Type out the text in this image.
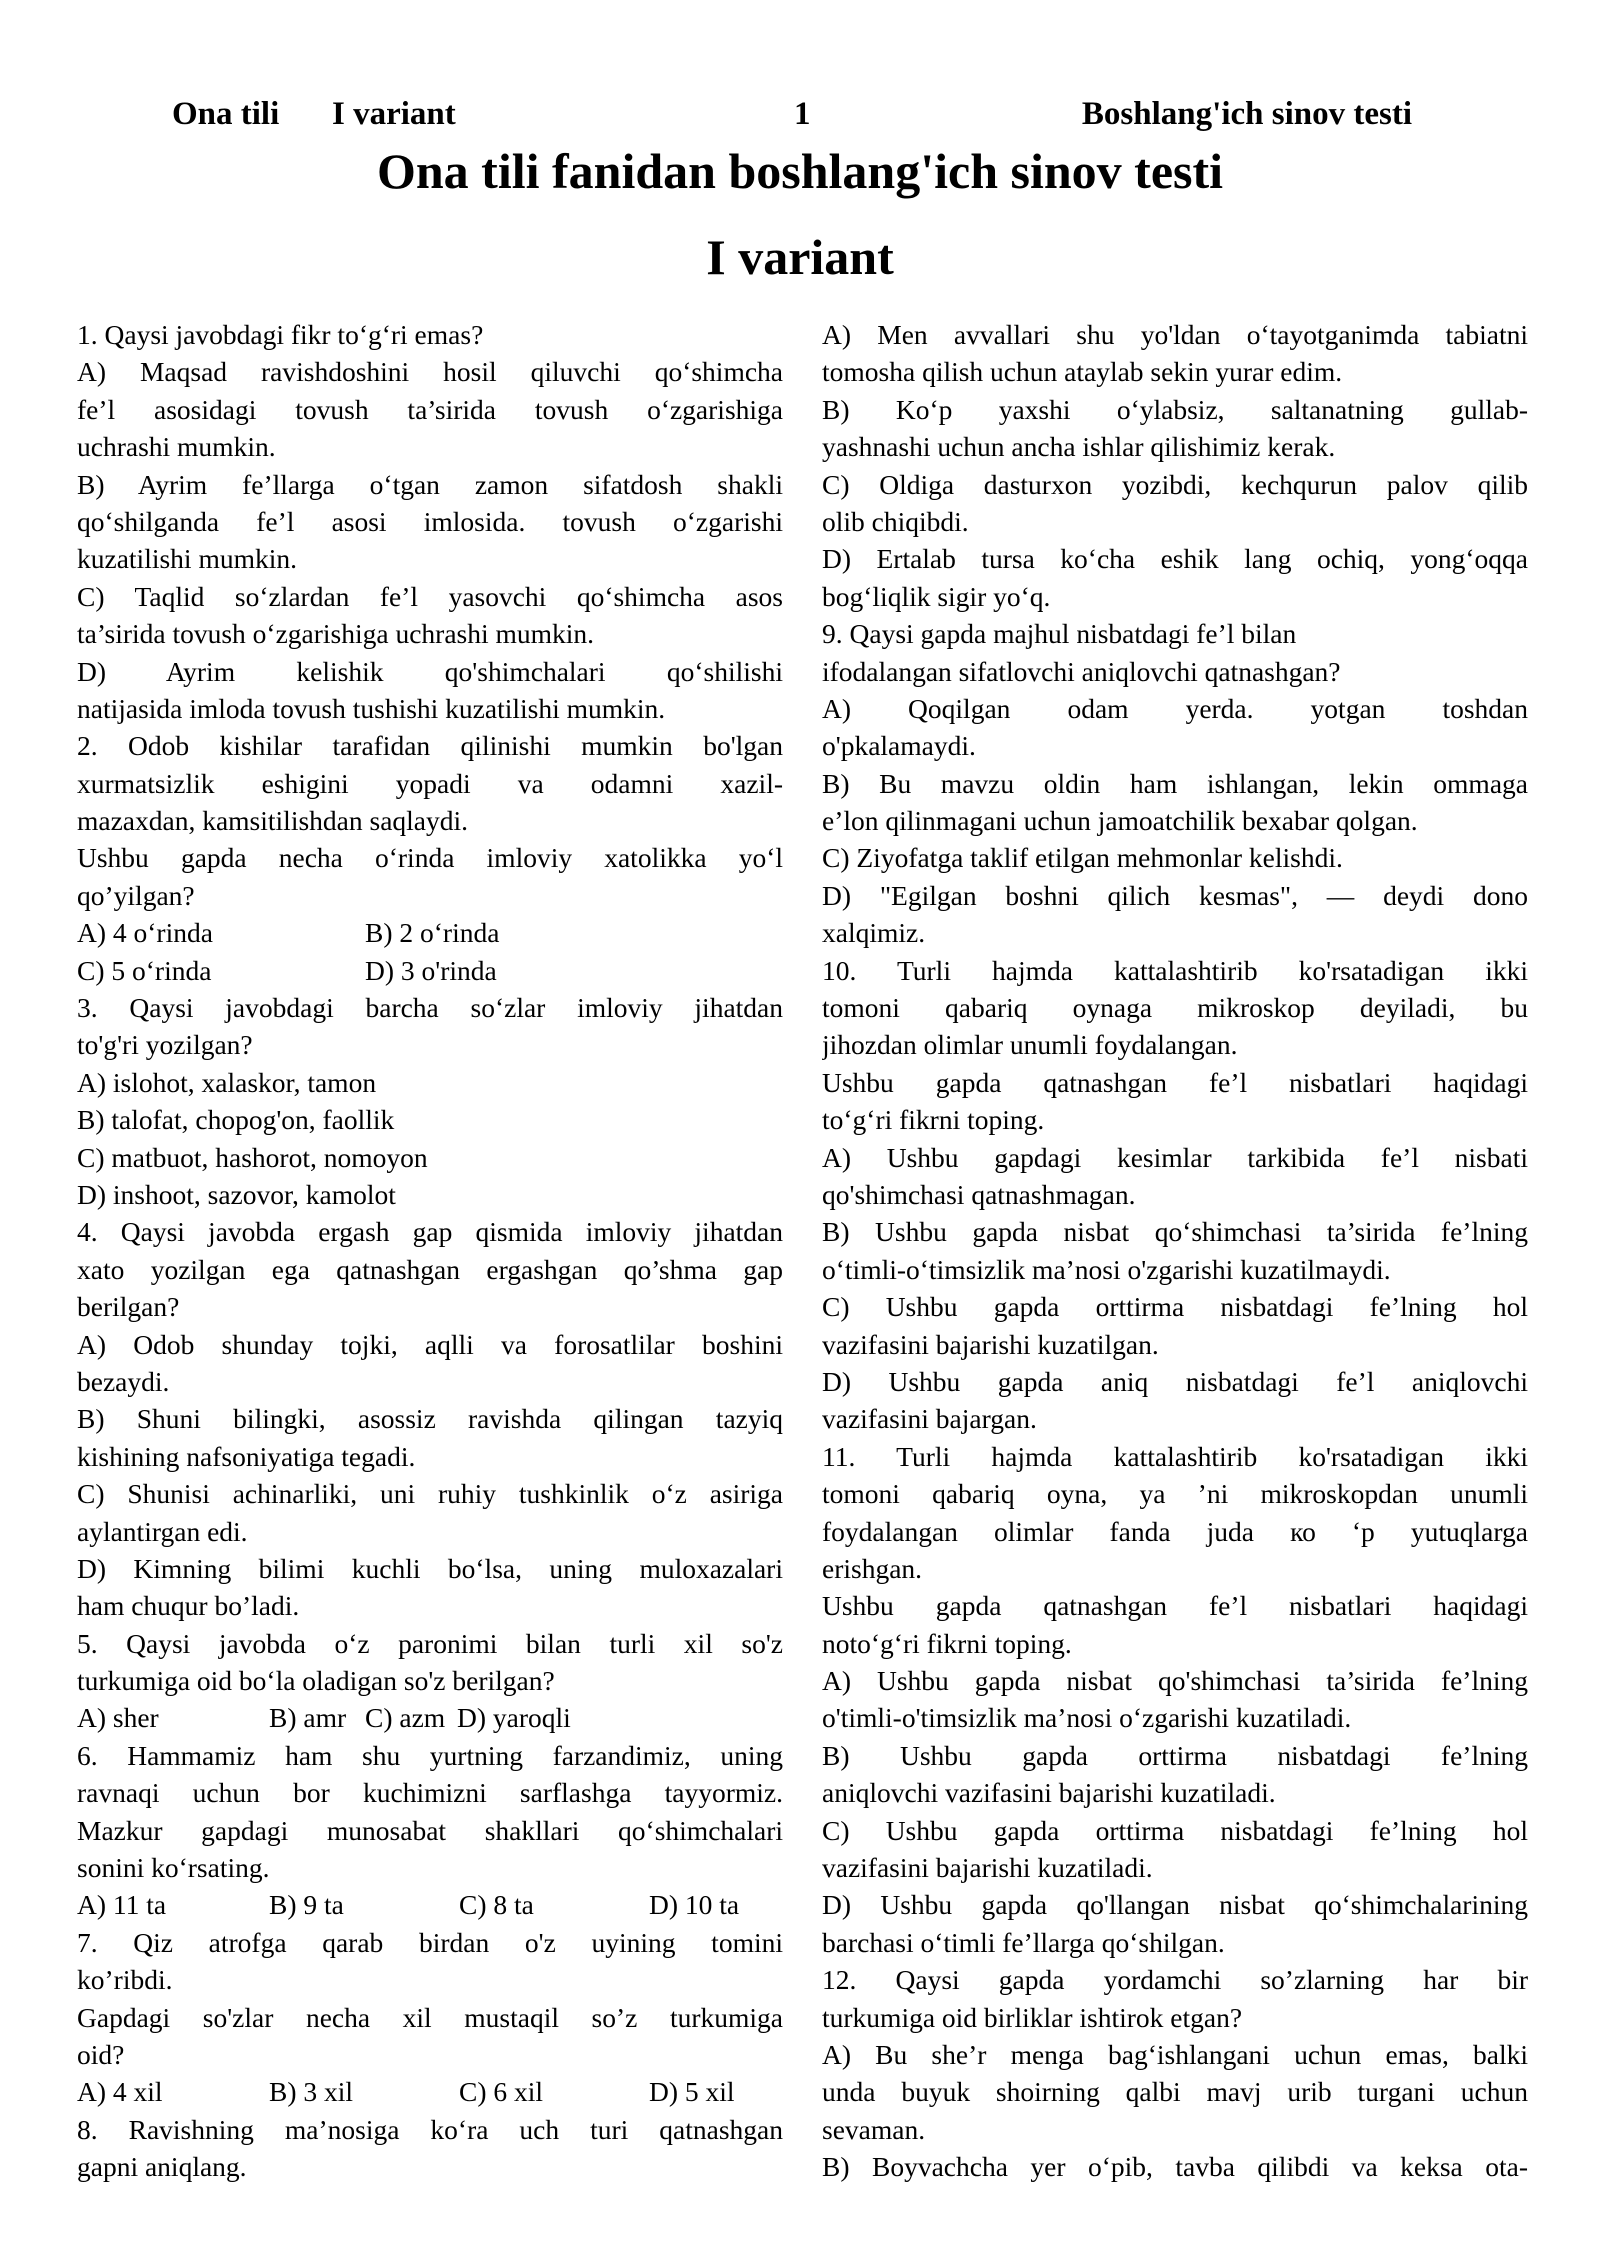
Ona tili I variant	1	Boshlang'ich sinov testi
Ona tili fanidan boshlang'ich sinov testi
I variant
1. Qaysi javobdagi fikr to‘g‘ri emas?
A) Maqsad ravishdoshini hosil qiluvchi qo‘shimcha
fe’l asosidagi tovush ta’sirida tovush o‘zgarishiga
uchrashi mumkin.
B) Ayrim fe’llarga o‘tgan zamon sifatdosh shakli
qo‘shilganda fe’l asosi imlosida. tovush o‘zgarishi
kuzatilishi mumkin.
C) Taqlid so‘zlardan fe’l yasovchi qo‘shimcha asos
ta’sirida tovush o‘zgarishiga uchrashi mumkin.
D) Ayrim kelishik qo'shimchalari qo‘shilishi
natijasida imloda tovush tushishi kuzatilishi mumkin.
2. Odob kishilar tarafidan qilinishi mumkin bo'lgan
xurmatsizlik eshigini yopadi va odamni xazil-
mazaxdan, kamsitilishdan saqlaydi.
Ushbu gapda necha o‘rinda imloviy xatolikka yo‘l
qo’yilgan?
A) 4 o‘rinda	B) 2 o‘rinda
C) 5 o‘rinda	D) 3 o'rinda
3. Qaysi javobdagi barcha so‘zlar imloviy jihatdan
to'g'ri yozilgan?
A) islohot, xalaskor, tamon
B) talofat, chopog'on, faollik
C) matbuot, hashorot, nomoyon
D) inshoot, sazovor, kamolot
4. Qaysi javobda ergash gap qismida imloviy jihatdan
xato yozilgan ega qatnashgan ergashgan qo’shma gap
berilgan?
A) Odob shunday tojki, aqlli va forosatlilar boshini
bezaydi.
B) Shuni bilingki, asossiz ravishda qilingan tazyiq
kishining nafsoniyatiga tegadi.
C) Shunisi achinarliki, uni ruhiy tushkinlik o‘z asiriga
aylantirgan edi.
D) Kimning bilimi kuchli bo‘lsa, uning muloxazalari
ham chuqur bo’ladi.
5. Qaysi javobda o‘z paronimi bilan turli xil so'z
turkumiga oid bo‘la oladigan so'z berilgan?
A) sher	B) amr C) azm D) yaroqli
6. Hammamiz ham shu yurtning farzandimiz, uning
ravnaqi uchun bor kuchimizni sarflashga tayyormiz.
Mazkur gapdagi munosabat shakllari qo‘shimchalari
sonini ko‘rsating.
A) 11 ta	B) 9 ta	C) 8 ta	D) 10 ta
7. Qiz atrofga qarab birdan o'z uyining tomini
ko’ribdi.
Gapdagi so'zlar necha xil mustaqil so’z turkumiga
oid?
A) 4 xil	B) 3 xil	C) 6 xil	D) 5 xil
8. Ravishning ma’nosiga ko‘ra uch turi qatnashgan
gapni aniqlang.
A) Men avvallari shu yo'ldan o‘tayotganimda tabiatni
tomosha qilish uchun ataylab sekin yurar edim.
B) Ko‘p yaxshi o‘ylabsiz, saltanatning gullab-
yashnashi uchun ancha ishlar qilishimiz kerak.
C) Oldiga dasturxon yozibdi, kechqurun palov qilib
olib chiqibdi.
D) Ertalab tursa ko‘cha eshik lang ochiq, yong‘oqqa
bog‘liqlik sigir yo‘q.
9. Qaysi gapda majhul nisbatdagi fe’l bilan
ifodalangan sifatlovchi aniqlovchi qatnashgan?
A) Qoqilgan odam yerda. yotgan toshdan
o'pkalamaydi.
B) Bu mavzu oldin ham ishlangan, lekin ommaga
e’lon qilinmagani uchun jamoatchilik bexabar qolgan.
C) Ziyofatga taklif etilgan mehmonlar kelishdi.
D) "Egilgan boshni qilich kesmas", — deydi dono
xalqimiz.
10. Turli hajmda kattalashtirib ko'rsatadigan ikki
tomoni qabariq oynaga mikroskop deyiladi, bu
jihozdan olimlar unumli foydalangan.
Ushbu gapda qatnashgan fe’l nisbatlari haqidagi
to‘g‘ri fikrni toping.
A) Ushbu gapdagi kesimlar tarkibida fe’l nisbati
qo'shimchasi qatnashmagan.
B) Ushbu gapda nisbat qo‘shimchasi ta’sirida fe’lning
o‘timli-o‘timsizlik ma’nosi o'zgarishi kuzatilmaydi.
C) Ushbu gapda orttirma nisbatdagi fe’lning hol
vazifasini bajarishi kuzatilgan.
D) Ushbu gapda aniq nisbatdagi fe’l aniqlovchi
vazifasini bajargan.
11. Turli hajmda kattalashtirib ko'rsatadigan ikki
tomoni qabariq oyna, ya ’ni mikroskopdan unumli
foydalangan olimlar fanda juda ко ‘p yutuqlarga
erishgan.
Ushbu gapda qatnashgan fe’l nisbatlari haqidagi
noto‘g‘ri fikrni toping.
A) Ushbu gapda nisbat qo'shimchasi ta’sirida fe’lning
o'timli-o'timsizlik ma’nosi o‘zgarishi kuzatiladi.
B) Ushbu gapda orttirma nisbatdagi fe’lning
aniqlovchi vazifasini bajarishi kuzatiladi.
C) Ushbu gapda orttirma nisbatdagi fe’lning hol
vazifasini bajarishi kuzatiladi.
D) Ushbu gapda qo'llangan nisbat qo‘shimchalarining
barchasi o‘timli fe’llarga qo‘shilgan.
12. Qaysi gapda yordamchi so’zlarning har bir
turkumiga oid birliklar ishtirok etgan?
A) Bu she’r menga bag‘ishlangani uchun emas, balki
unda buyuk shoirning qalbi mavj urib turgani uchun
sevaman.
B) Boyvachcha yer o‘pib, tavba qilibdi va keksa ota-
